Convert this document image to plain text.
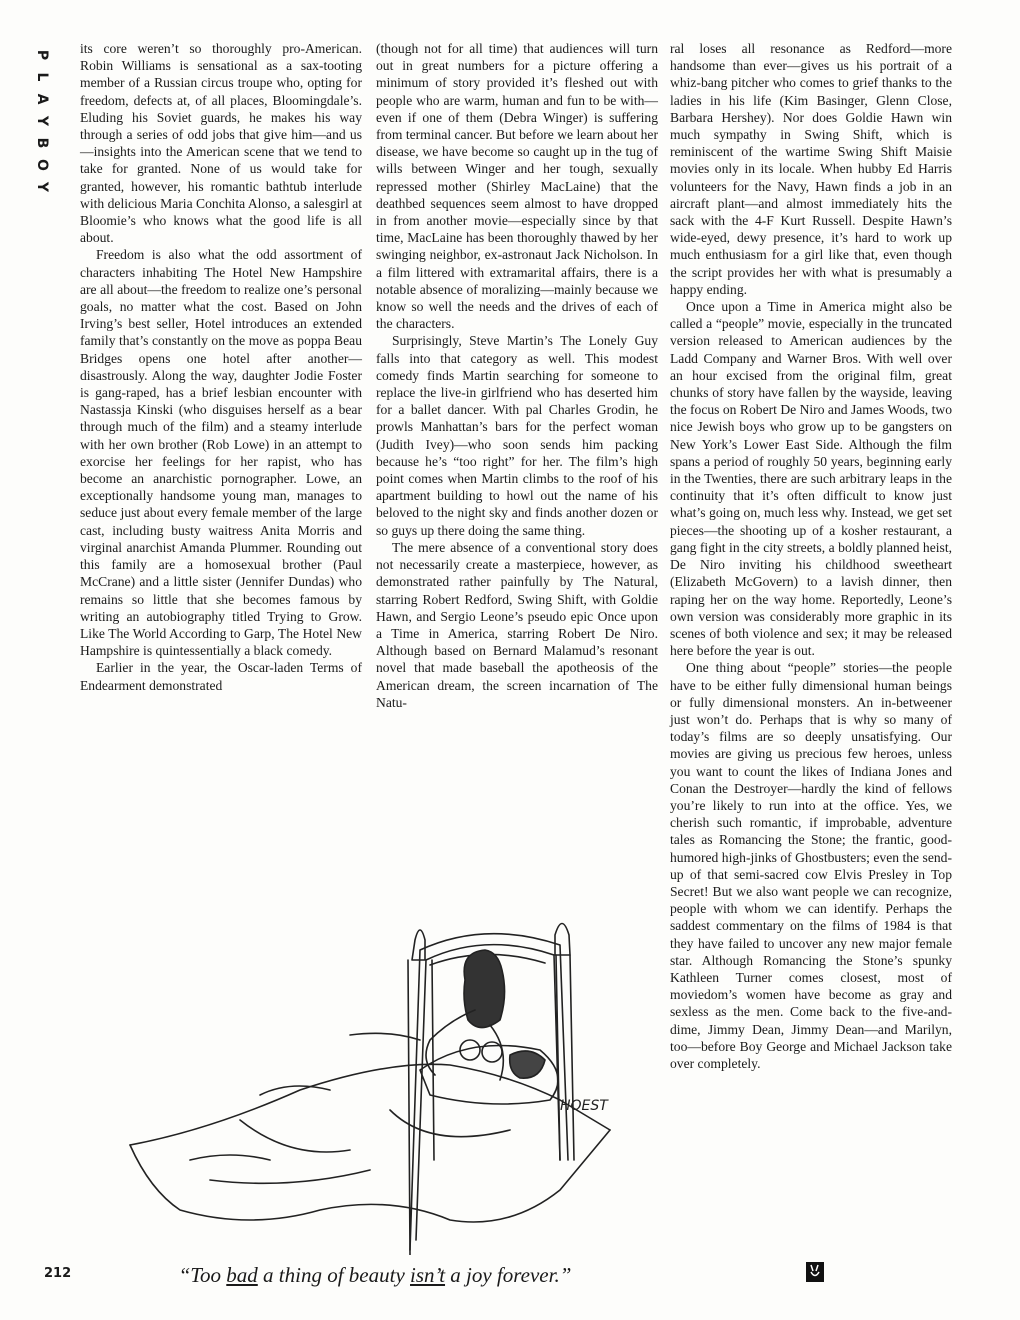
P
L
A
Y
B
O
Y

its core weren’t so thoroughly pro-American. Robin Williams is sensational as a sax-tooting member of a Russian circus troupe who, opting for freedom, defects at, of all places, Bloomingdale’s. Eluding his Soviet guards, he makes his way through a series of odd jobs that give him—and us—insights into the American scene that we tend to take for granted. None of us would take for granted, however, his romantic bathtub interlude with delicious Maria Conchita Alonso, a salesgirl at Bloomie’s who knows what the good life is all about.

Freedom is also what the odd assortment of characters inhabiting The Hotel New Hampshire are all about—the freedom to realize one’s personal goals, no matter what the cost. Based on John Irving’s best seller, Hotel introduces an extended family that’s constantly on the move as poppa Beau Bridges opens one hotel after another—disastrously. Along the way, daughter Jodie Foster is gang-raped, has a brief lesbian encounter with Nastassja Kinski (who disguises herself as a bear through much of the film) and a steamy interlude with her own brother (Rob Lowe) in an attempt to exorcise her feelings for her rapist, who has become an anarchistic pornographer. Lowe, an exceptionally handsome young man, manages to seduce just about every female member of the large cast, including busty waitress Anita Morris and virginal anarchist Amanda Plummer. Rounding out this family are a homosexual brother (Paul McCrane) and a little sister (Jennifer Dundas) who remains so little that she becomes famous by writing an autobiography titled Trying to Grow. Like The World According to Garp, The Hotel New Hampshire is quintessentially a black comedy.

Earlier in the year, the Oscar-laden Terms of Endearment demonstrated

(though not for all time) that audiences will turn out in great numbers for a picture offering a minimum of story provided it’s fleshed out with people who are warm, human and fun to be with—even if one of them (Debra Winger) is suffering from terminal cancer. But before we learn about her disease, we have become so caught up in the tug of wills between Winger and her tough, sexually repressed mother (Shirley MacLaine) that the deathbed sequences seem almost to have dropped in from another movie—especially since by that time, MacLaine has been thoroughly thawed by her swinging neighbor, ex-astronaut Jack Nicholson. In a film littered with extramarital affairs, there is a notable absence of moralizing—mainly because we know so well the needs and the drives of each of the characters.

Surprisingly, Steve Martin’s The Lonely Guy falls into that category as well. This modest comedy finds Martin searching for someone to replace the live-in girlfriend who has deserted him for a ballet dancer. With pal Charles Grodin, he prowls Manhattan’s bars for the perfect woman (Judith Ivey)—who soon sends him packing because he’s “too right” for her. The film’s high point comes when Martin climbs to the roof of his apartment building to howl out the name of his beloved to the night sky and finds another dozen or so guys up there doing the same thing.

The mere absence of a conventional story does not necessarily create a masterpiece, however, as demonstrated rather painfully by The Natural, starring Robert Redford, Swing Shift, with Goldie Hawn, and Sergio Leone’s pseudo epic Once upon a Time in America, starring Robert De Niro. Although based on Bernard Malamud’s resonant novel that made baseball the apotheosis of the American dream, the screen incarnation of The Natu-

ral loses all resonance as Redford—more handsome than ever—gives us his portrait of a whiz-bang pitcher who comes to grief thanks to the ladies in his life (Kim Basinger, Glenn Close, Barbara Hershey). Nor does Goldie Hawn win much sympathy in Swing Shift, which is reminiscent of the wartime Swing Shift Maisie movies only in its locale. When hubby Ed Harris volunteers for the Navy, Hawn finds a job in an aircraft plant—and almost immediately hits the sack with the 4-F Kurt Russell. Despite Hawn’s wide-eyed, dewy presence, it’s hard to work up much enthusiasm for a girl like that, even though the script provides her with what is presumably a happy ending.

Once upon a Time in America might also be called a “people” movie, especially in the truncated version released to American audiences by the Ladd Company and Warner Bros. With well over an hour excised from the original film, great chunks of story have fallen by the wayside, leaving the focus on Robert De Niro and James Woods, two nice Jewish boys who grow up to be gangsters on New York’s Lower East Side. Although the film spans a period of roughly 50 years, beginning early in the Twenties, there are such arbitrary leaps in the continuity that it’s often difficult to know just what’s going on, much less why. Instead, we get set pieces—the shooting up of a kosher restaurant, a gang fight in the city streets, a boldly planned heist, De Niro inviting his childhood sweetheart (Elizabeth McGovern) to a lavish dinner, then raping her on the way home. Reportedly, Leone’s own version was considerably more graphic in its scenes of both violence and sex; it may be released here before the year is out.

One thing about “people” stories—the people have to be either fully dimensional human beings or fully dimensional monsters. An in-betweener just won’t do. Perhaps that is why so many of today’s films are so deeply unsatisfying. Our movies are giving us precious few heroes, unless you want to count the likes of Indiana Jones and Conan the Destroyer—hardly the kind of fellows you’re likely to run into at the office. Yes, we cherish such romantic, if improbable, adventure tales as Romancing the Stone; the frantic, good-humored high-jinks of Ghostbusters; even the send-up of that semi-sacred cow Elvis Presley in Top Secret! But we also want people we can recognize, people with whom we can identify. Perhaps the saddest commentary on the films of 1984 is that they have failed to uncover any new major female star. Although Romancing the Stone’s spunky Kathleen Turner comes closest, most of moviedom’s women have become as gray and sexless as the men. Come back to the five-and-dime, Jimmy Dean, Jimmy Dean—and Marilyn, too—before Boy George and Michael Jackson take over completely.

HOEST
“Too bad a thing of beauty isn’t a joy forever.”
212
